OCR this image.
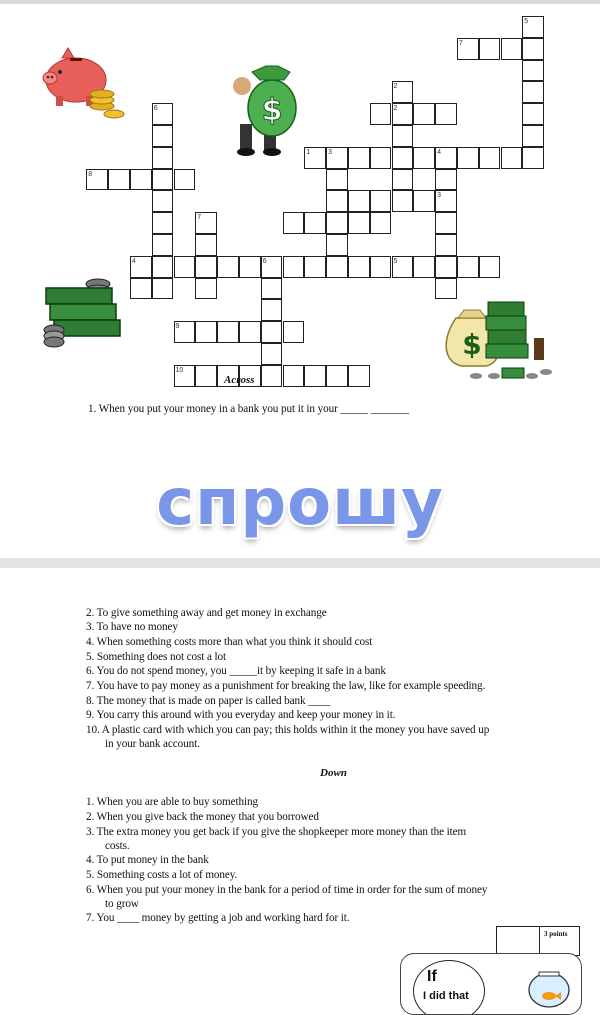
1
2
3
4	5
6
7
8
9
10
2
3	4
5
6
7
$
$
Across
1. When you put your money in a bank you put it in your _____ _______
спрошу
2. To give something away and get money in exchange
3. To have no money
4. When something costs more than what you think it should cost
5. Something does not cost a lot
6. You do not spend money, you _____it by keeping it safe in a bank
7. You have to pay money as a punishment for breaking the law, like for example speeding.
8. The money that is made on paper is called bank ____
9. You carry this around with you everyday and keep your money in it.
10. A plastic card with which you can pay; this holds within it the money you have saved up
in your bank account.
Down
1. When you are able to buy something
2. When you give back the money that you borrowed
3. The extra money you get back if you give the shopkeeper more money than the item
costs.
4. To put money in the bank
5. Something costs a lot of money.
6. When you put your money in the bank for a period of time in order for the sum of money
to grow
7. You ____ money by getting a job and working hard for it.
3 points
If
I did that
